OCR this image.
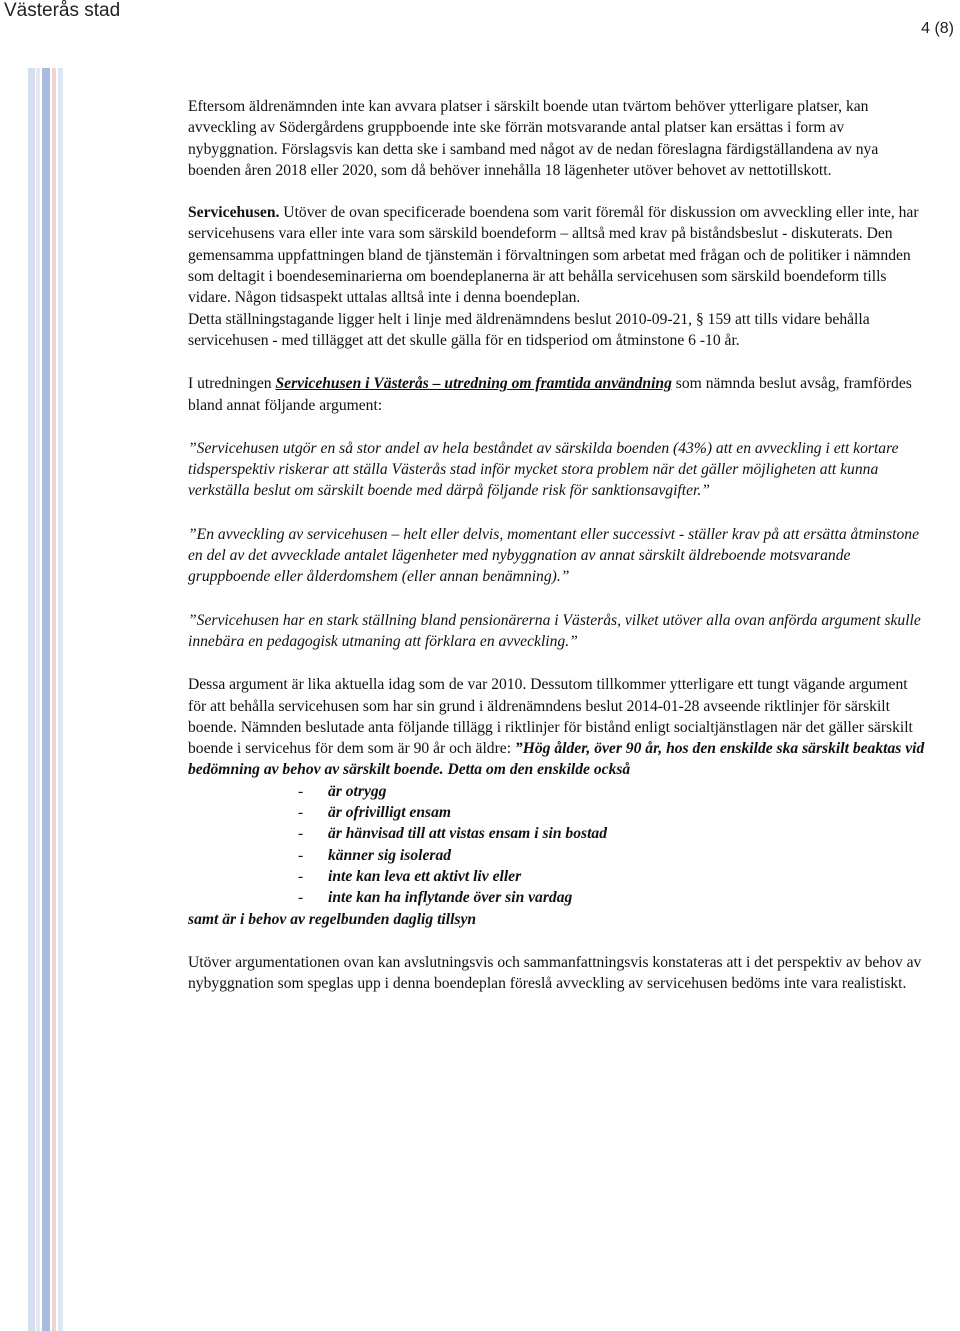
Västerås stad
4 (8)

Eftersom äldrenämnden inte kan avvara platser i särskilt boende utan tvärtom behöver ytterligare platser, kan avveckling av Södergårdens gruppboende inte ske förrän motsvarande antal platser kan ersättas i form av nybyggnation. Förslagsvis kan detta ske i samband med något av de nedan föreslagna färdigställandena av nya boenden åren 2018 eller 2020, som då behöver innehålla 18 lägenheter utöver behovet av nettotillskott.

Servicehusen. Utöver de ovan specificerade boendena som varit föremål för diskussion om avveckling eller inte, har servicehusens vara eller inte vara som särskild boendeform – alltså med krav på biståndsbeslut - diskuterats. Den gemensamma uppfattningen bland de tjänstemän i förvaltningen som arbetat med frågan och de politiker i nämnden som deltagit i boendeseminarierna om boendeplanerna är att behålla servicehusen som särskild boendeform tills vidare. Någon tidsaspekt uttalas alltså inte i denna boendeplan.

Detta ställningstagande ligger helt i linje med äldrenämndens beslut 2010-09-21, § 159 att tills vidare behålla servicehusen - med tillägget att det skulle gälla för en tidsperiod om åtminstone 6 -10 år.

I utredningen Servicehusen i Västerås – utredning om framtida användning som nämnda beslut avsåg, framfördes bland annat följande argument:

”Servicehusen utgör en så stor andel av hela beståndet av särskilda boenden (43%) att en avveckling i ett kortare tidsperspektiv riskerar att ställa Västerås stad inför mycket stora problem när det gäller möjligheten att kunna verkställa beslut om särskilt boende med därpå följande risk för sanktionsavgifter.”

”En avveckling av servicehusen – helt eller delvis, momentant eller successivt - ställer krav på att ersätta åtminstone en del av det avvecklade antalet lägenheter med nybyggnation av annat särskilt äldreboende motsvarande gruppboende eller ålderdomshem (eller annan benämning).”

”Servicehusen har en stark ställning bland pensionärerna i Västerås, vilket utöver alla ovan anförda argument skulle innebära en pedagogisk utmaning att förklara en avveckling.”

Dessa argument är lika aktuella idag som de var 2010. Dessutom tillkommer ytterligare ett tungt vägande argument för att behålla servicehusen som har sin grund i äldrenämndens beslut 2014-01-28 avseende riktlinjer för särskilt boende. Nämnden beslutade anta följande tillägg i riktlinjer för bistånd enligt socialtjänstlagen när det gäller särskilt boende i servicehus för dem som är 90 år och äldre: ”Hög ålder, över 90 år, hos den enskilde ska särskilt beaktas vid bedömning av behov av särskilt boende. Detta om den enskilde också

-	är otrygg
-	är ofrivilligt ensam
-	är hänvisad till att vistas ensam i sin bostad
-	känner sig isolerad
-	inte kan leva ett aktivt liv eller
-	inte kan ha inflytande över sin vardag

samt är i behov av regelbunden daglig tillsyn

Utöver argumentationen ovan kan avslutningsvis och sammanfattningsvis konstateras att i det perspektiv av behov av nybyggnation som speglas upp i denna boendeplan föreslå avveckling av servicehusen bedöms inte vara realistiskt.
